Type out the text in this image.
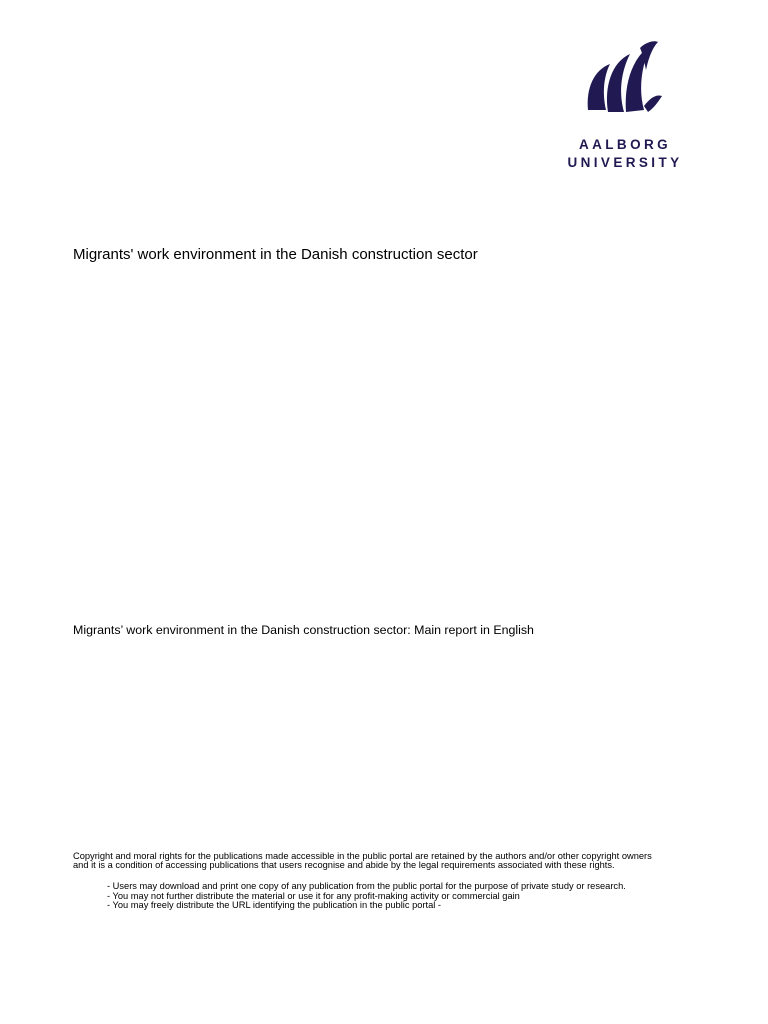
AALBORG
UNIVERSITY
Migrants' work environment in the Danish construction sector
Migrants’ work environment in the Danish construction sector: Main report in English
Copyright and moral rights for the publications made accessible in the public portal are retained by the authors and/or other copyright owners
and it is a condition of accessing publications that users recognise and abide by the legal requirements associated with these rights.
- Users may download and print one copy of any publication from the public portal for the purpose of private study or research.
- You may not further distribute the material or use it for any profit-making activity or commercial gain
- You may freely distribute the URL identifying the publication in the public portal -
